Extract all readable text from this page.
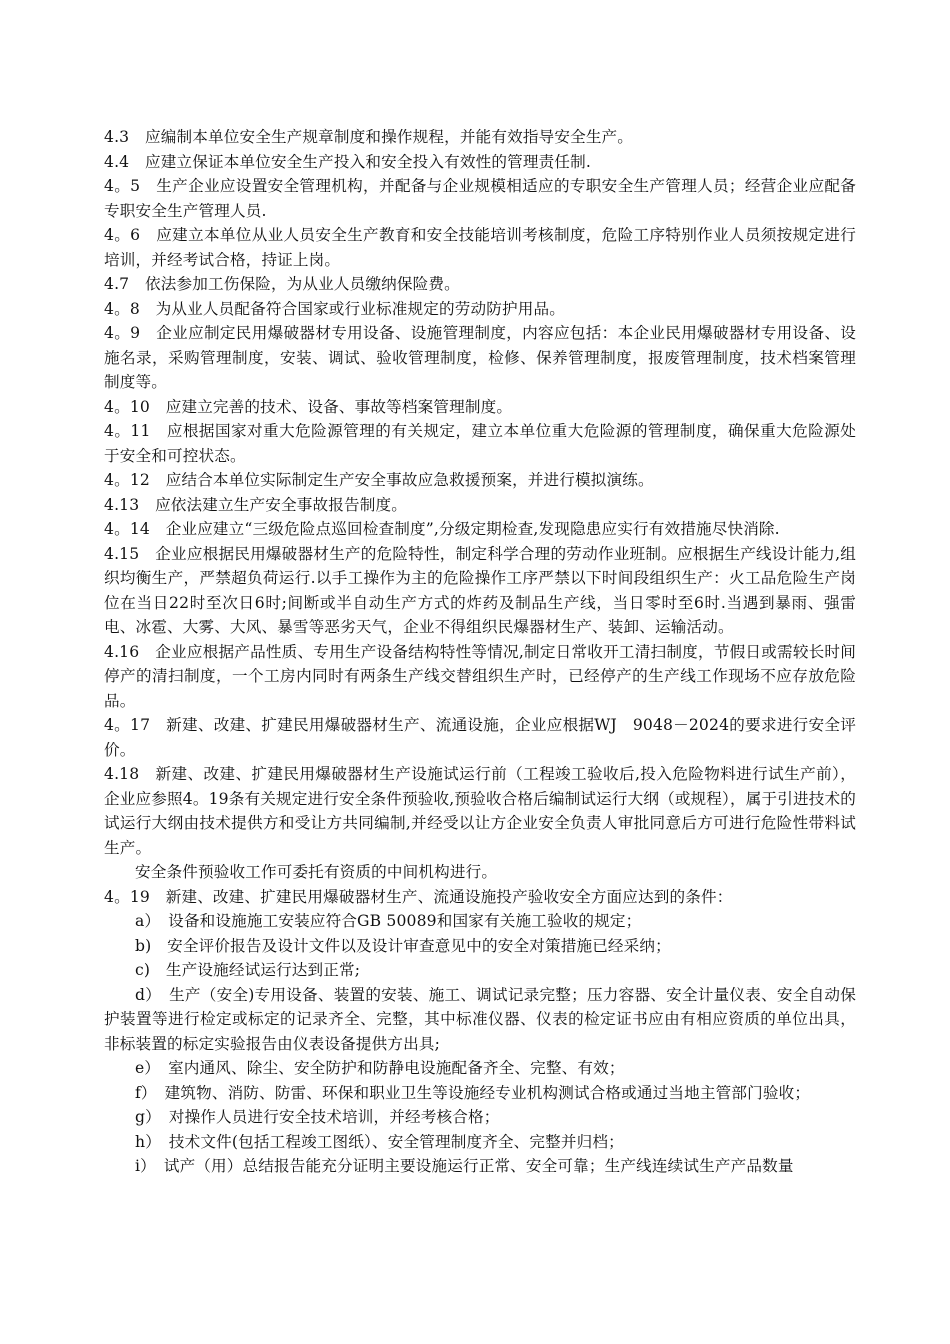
4.3　应编制本单位安全生产规章制度和操作规程，并能有效指导安全生产。

4.4　应建立保证本单位安全生产投入和安全投入有效性的管理责任制.

4。5　生产企业应设置安全管理机构，并配备与企业规模相适应的专职安全生产管理人员；经营企业应配备专职安全生产管理人员.

4。6　应建立本单位从业人员安全生产教育和安全技能培训考核制度，危险工序特别作业人员须按规定进行培训，并经考试合格，持证上岗。

4.7　依法参加工伤保险，为从业人员缴纳保险费。

4。8　为从业人员配备符合国家或行业标准规定的劳动防护用品。

4。9　企业应制定民用爆破器材专用设备、设施管理制度，内容应包括：本企业民用爆破器材专用设备、设施名录，采购管理制度，安装、调试、验收管理制度，检修、保养管理制度，报废管理制度，技术档案管理制度等。

4。10　应建立完善的技术、设备、事故等档案管理制度。

4。11　应根据国家对重大危险源管理的有关规定，建立本单位重大危险源的管理制度，确保重大危险源处于安全和可控状态。

4。12　应结合本单位实际制定生产安全事故应急救援预案，并进行模拟演练。

4.13　应依法建立生产安全事故报告制度。

4。14　企业应建立“三级危险点巡回检查制度”,分级定期检查,发现隐患应实行有效措施尽快消除.

4.15　企业应根据民用爆破器材生产的危险特性，制定科学合理的劳动作业班制。应根据生产线设计能力,组织均衡生产，严禁超负荷运行.以手工操作为主的危险操作工序严禁以下时间段组织生产：火工品危险生产岗位在当日22时至次日6时;间断或半自动生产方式的炸药及制品生产线，当日零时至6时.当遇到暴雨、强雷电、冰雹、大雾、大风、暴雪等恶劣天气，企业不得组织民爆器材生产、装卸、运输活动。

4.16　企业应根据产品性质、专用生产设备结构特性等情况,制定日常收开工清扫制度，节假日或需较长时间停产的清扫制度，一个工房内同时有两条生产线交替组织生产时，已经停产的生产线工作现场不应存放危险品。

4。17　新建、改建、扩建民用爆破器材生产、流通设施，企业应根据WJ　9048－2024的要求进行安全评价。

4.18　新建、改建、扩建民用爆破器材生产设施试运行前（工程竣工验收后,投入危险物料进行试生产前），企业应参照4。19条有关规定进行安全条件预验收,预验收合格后编制试运行大纲（或规程），属于引进技术的试运行大纲由技术提供方和受让方共同编制,并经受以让方企业安全负责人审批同意后方可进行危险性带料试生产。

安全条件预验收工作可委托有资质的中间机构进行。

4。19　新建、改建、扩建民用爆破器材生产、流通设施投产验收安全方面应达到的条件：

a）　设备和设施施工安装应符合GB 50089和国家有关施工验收的规定；

b)　安全评价报告及设计文件以及设计审查意见中的安全对策措施已经采纳；

c)　生产设施经试运行达到正常;

d）　生产（安全)专用设备、装置的安装、施工、调试记录完整；压力容器、安全计量仪表、安全自动保护装置等进行检定或标定的记录齐全、完整，其中标准仪器、仪表的检定证书应由有相应资质的单位出具，非标装置的标定实验报告由仪表设备提供方出具;

e）　室内通风、除尘、安全防护和防静电设施配备齐全、完整、有效；

f）　建筑物、消防、防雷、环保和职业卫生等设施经专业机构测试合格或通过当地主管部门验收；

g）　对操作人员进行安全技术培训，并经考核合格；

h）　技术文件(包括工程竣工图纸）、安全管理制度齐全、完整并归档；

i）　试产（用）总结报告能充分证明主要设施运行正常、安全可靠；生产线连续试生产产品数量
